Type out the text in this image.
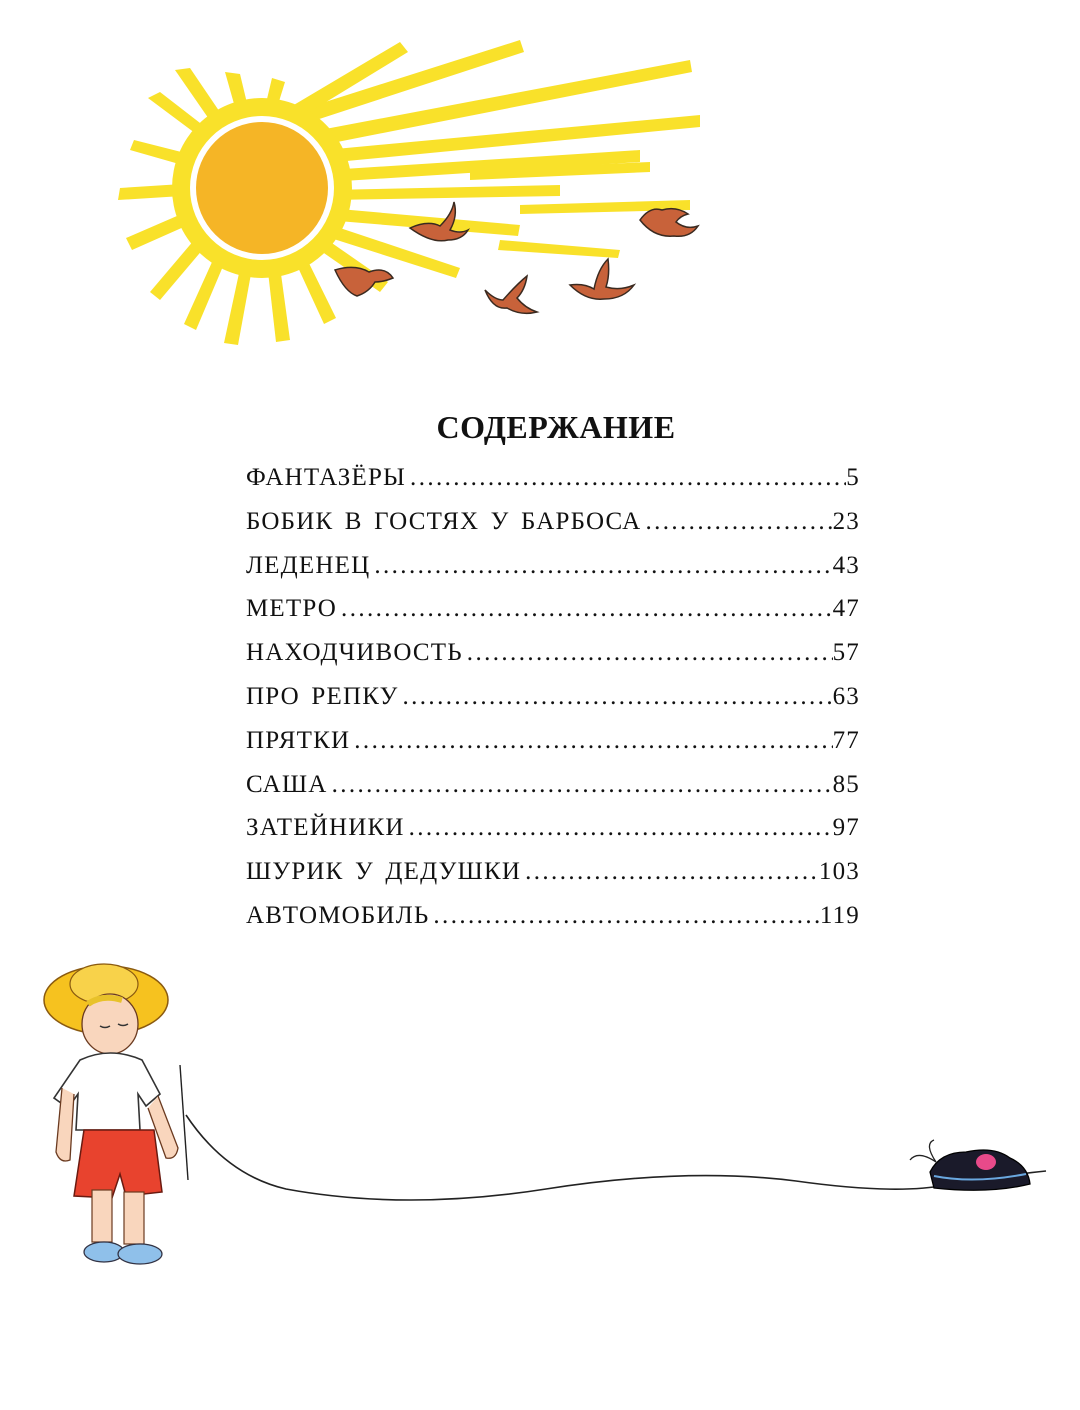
СОДЕРЖАНИЕ
ФАНТАЗЁРЫ .....	5
БОБИК В ГОСТЯХ У БАРБОСА .....	23
ЛЕДЕНЕЦ .....	43
МЕТРО .....	47
НАХОДЧИВОСТЬ .....	57
ПРО РЕПКУ .....	63
ПРЯТКИ .....	77
САША .....	85
ЗАТЕЙНИКИ .....	97
ШУРИК У ДЕДУШКИ .....	103
АВТОМОБИЛЬ .....	119
